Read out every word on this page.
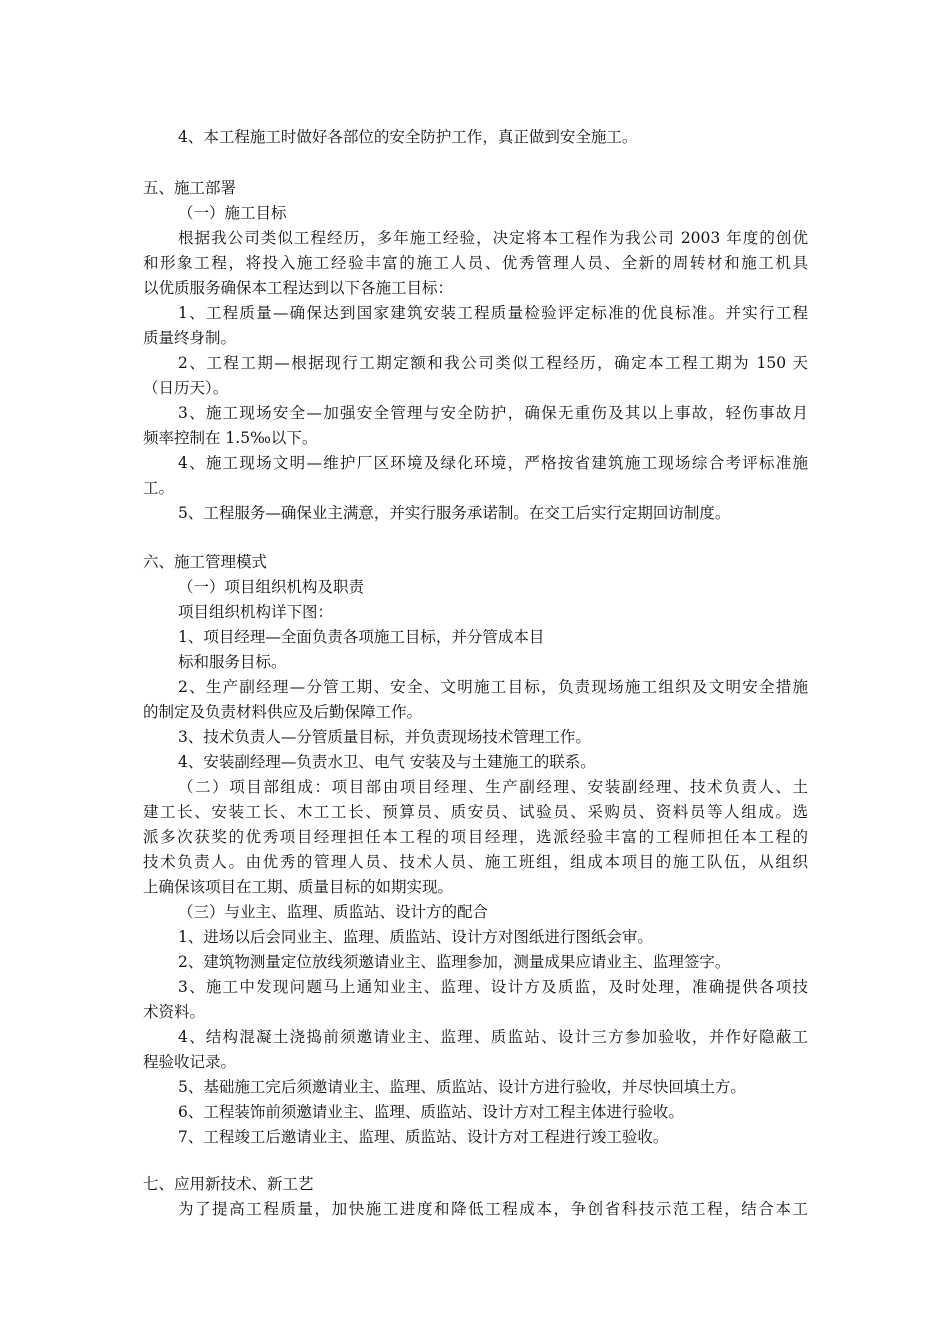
4、本工程施工时做好各部位的安全防护工作，真正做到安全施工。
五、施工部署
（一）施工目标
根据我公司类似工程经历，多年施工经验，决定将本工程作为我公司 2003 年度的创优
和形象工程，将投入施工经验丰富的施工人员、优秀管理人员、全新的周转材和施工机具
以优质服务确保本工程达到以下各施工目标：
1、工程质量—确保达到国家建筑安装工程质量检验评定标准的优良标准。并实行工程
质量终身制。
2、工程工期—根据现行工期定额和我公司类似工程经历，确定本工程工期为 150 天
（日历天）。
3、施工现场安全—加强安全管理与安全防护，确保无重伤及其以上事故，轻伤事故月
频率控制在 1.5‰以下。
4、施工现场文明—维护厂区环境及绿化环境，严格按省建筑施工现场综合考评标准施
工。
5、工程服务—确保业主满意，并实行服务承诺制。在交工后实行定期回访制度。
六、施工管理模式
（一）项目组织机构及职责
项目组织机构详下图：
1、项目经理—全面负责各项施工目标，并分管成本目
标和服务目标。
2、生产副经理—分管工期、安全、文明施工目标，负责现场施工组织及文明安全措施
的制定及负责材料供应及后勤保障工作。
3、技术负责人—分管质量目标，并负责现场技术管理工作。
4、安装副经理—负责水卫、电气 安装及与土建施工的联系。
（二）项目部组成：项目部由项目经理、生产副经理、安装副经理、技术负责人、土
建工长、安装工长、木工工长、预算员、质安员、试验员、采购员、资料员等人组成。选
派多次获奖的优秀项目经理担任本工程的项目经理，选派经验丰富的工程师担任本工程的
技术负责人。由优秀的管理人员、技术人员、施工班组，组成本项目的施工队伍，从组织
上确保该项目在工期、质量目标的如期实现。
（三）与业主、监理、质监站、设计方的配合
1、进场以后会同业主、监理、质监站、设计方对图纸进行图纸会审。
2、建筑物测量定位放线须邀请业主、监理参加，测量成果应请业主、监理签字。
3、施工中发现问题马上通知业主、监理、设计方及质监，及时处理，准确提供各项技
术资料。
4、结构混凝土浇捣前须邀请业主、监理、质监站、设计三方参加验收，并作好隐蔽工
程验收记录。
5、基础施工完后须邀请业主、监理、质监站、设计方进行验收，并尽快回填土方。
6、工程装饰前须邀请业主、监理、质监站、设计方对工程主体进行验收。
7、工程竣工后邀请业主、监理、质监站、设计方对工程进行竣工验收。
七、应用新技术、新工艺
为了提高工程质量，加快施工进度和降低工程成本，争创省科技示范工程，结合本工
